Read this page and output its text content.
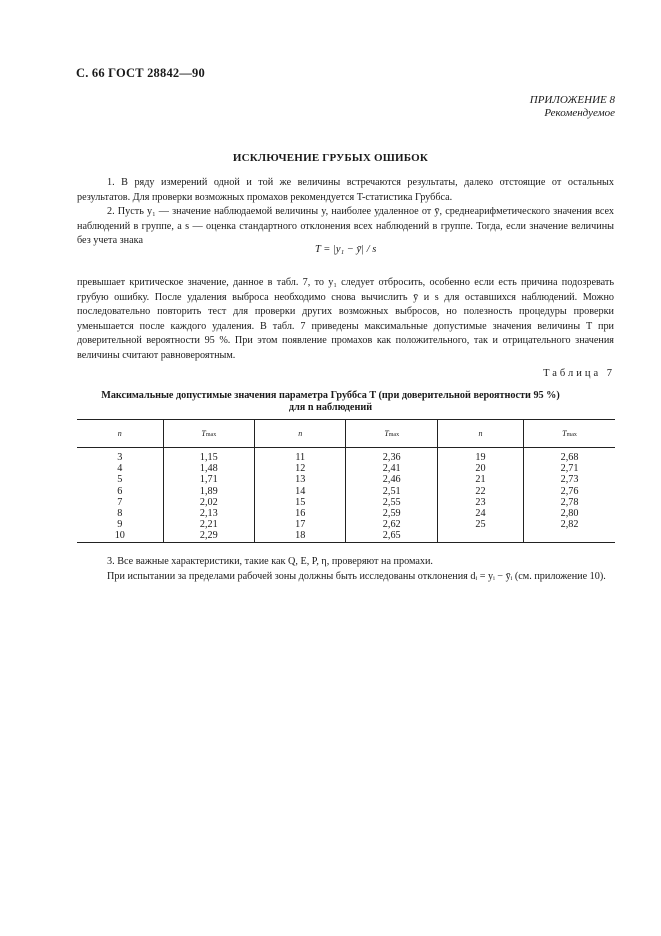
С. 66 ГОСТ 28842—90
ПРИЛОЖЕНИЕ 8
Рекомендуемое
ИСКЛЮЧЕНИЕ ГРУБЫХ ОШИБОК
1. В ряду измерений одной и той же величины встречаются результаты, далеко отстоящие от остальных результатов. Для проверки возможных промахов рекомендуется T-статистика Груббса.
2. Пусть y₁ — значение наблюдаемой величины y, наиболее удаленное от ȳ, среднеарифметического значения всех наблюдений в группе, а s — оценка стандартного отклонения всех наблюдений в группе. Тогда, если значение величины без учета знака
T = |y₁ − ȳ| / s
превышает критическое значение, данное в табл. 7, то y₁ следует отбросить, особенно если есть причина подозревать грубую ошибку. После удаления выброса необходимо снова вычислить ȳ и s для оставшихся наблюдений. Можно последовательно повторить тест для проверки других возможных выбросов, но полезность процедуры проверки уменьшается после каждого удаления. В табл. 7 приведены максимальные допустимые значения величины T при доверительной вероятности 95 %. При этом появление промахов как положительного, так и отрицательного значения величины считают равновероятным.
Таблица 7
Максимальные допустимые значения параметра Груббса T (при доверительной вероятности 95 %)
для n наблюдений
n	Tmax	n	Tmax	n	Tmax
3	1,15	11	2,36	19	2,68
4	1,48	12	2,41	20	2,71
5	1,71	13	2,46	21	2,73
6	1,89	14	2,51	22	2,76
7	2,02	15	2,55	23	2,78
8	2,13	16	2,59	24	2,80
9	2,21	17	2,62	25	2,82
10	2,29	18	2,65		
3. Все важные характеристики, такие как Q, E, P, η, проверяют на промахи.
При испытании за пределами рабочей зоны должны быть исследованы отклонения dᵢ = yᵢ − ȳᵢ (см. приложение 10).
